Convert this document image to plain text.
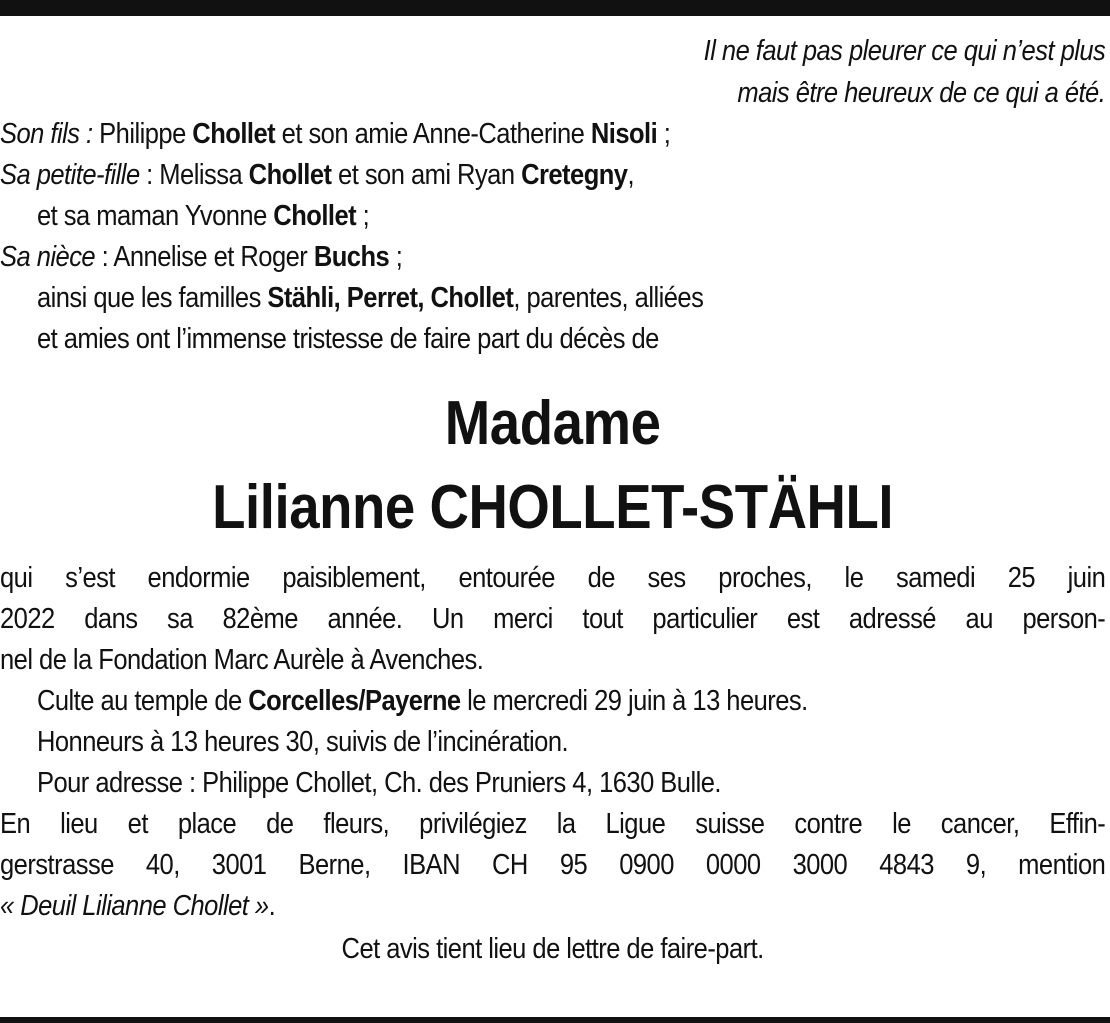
Il ne faut pas pleurer ce qui n’est plus
mais être heureux de ce qui a été.
Son fils : Philippe Chollet et son amie Anne-Catherine Nisoli ;
Sa petite-fille : Melissa Chollet et son ami Ryan Cretegny,
et sa maman Yvonne Chollet ;
Sa nièce : Annelise et Roger Buchs ;
ainsi que les familles Stähli, Perret, Chollet, parentes, alliées
et amies ont l’immense tristesse de faire part du décès de
Madame
Lilianne CHOLLET-STÄHLI
qui s’est endormie paisiblement, entourée de ses proches, le samedi 25 juin
2022 dans sa 82ème année. Un merci tout particulier est adressé au person-
nel de la Fondation Marc Aurèle à Avenches.
Culte au temple de Corcelles/Payerne le mercredi 29 juin à 13 heures.
Honneurs à 13 heures 30, suivis de l’incinération.
Pour adresse : Philippe Chollet, Ch. des Pruniers 4, 1630 Bulle.
En lieu et place de fleurs, privilégiez la Ligue suisse contre le cancer, Effin-
gerstrasse 40, 3001 Berne, IBAN CH 95 0900 0000 3000 4843 9, mention
« Deuil Lilianne Chollet ».
Cet avis tient lieu de lettre de faire-part.
